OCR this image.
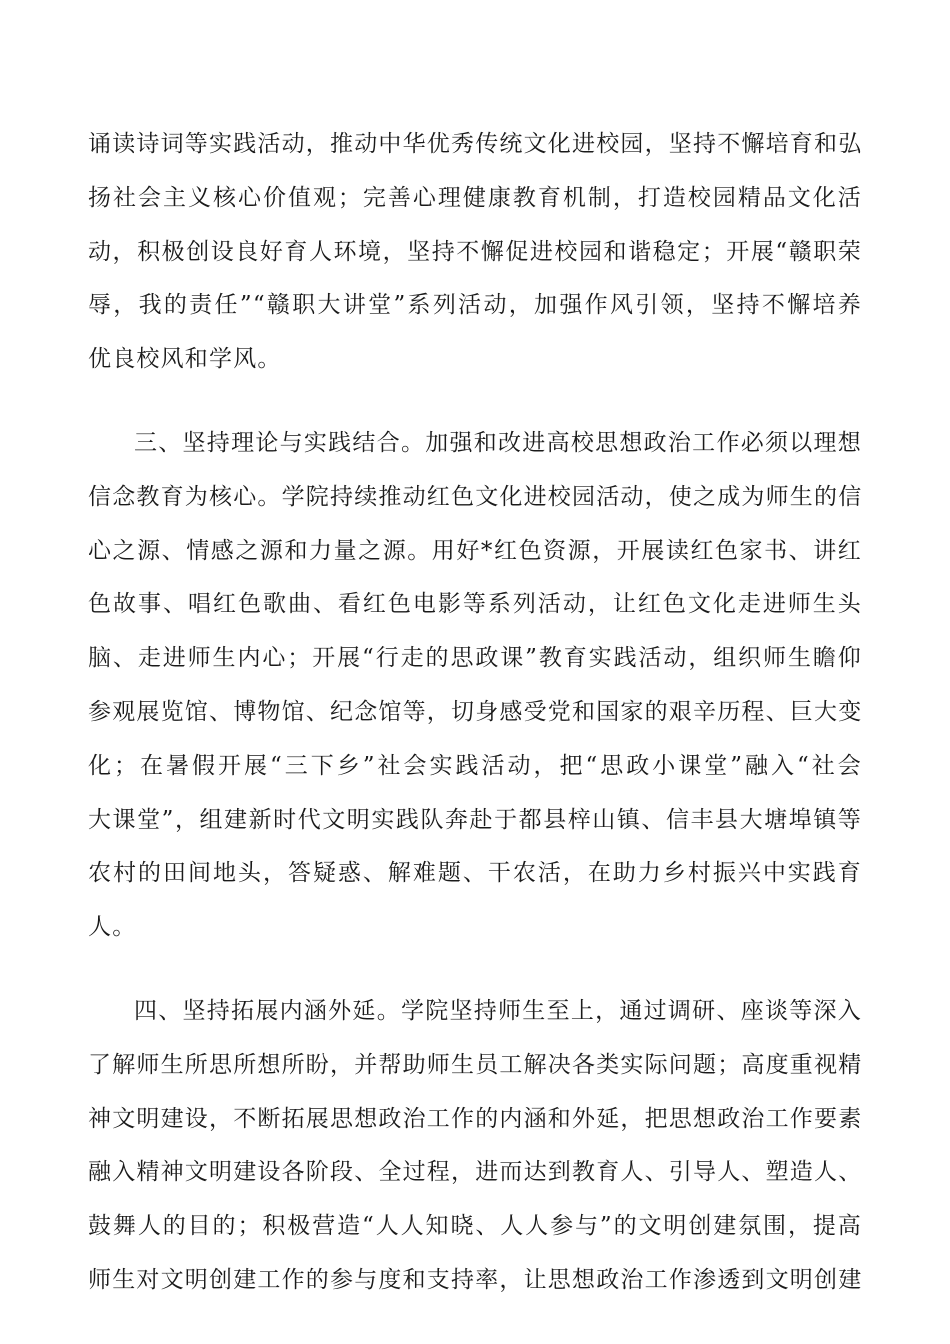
诵读诗词等实践活动，推动中华优秀传统文化进校园，坚持不懈培育和弘
扬社会主义核心价值观；完善心理健康教育机制，打造校园精品文化活
动，积极创设良好育人环境，坚持不懈促进校园和谐稳定；开展“赣职荣
辱，我的责任”“赣职大讲堂”系列活动，加强作风引领，坚持不懈培养
优良校风和学风。

三、坚持理论与实践结合。加强和改进高校思想政治工作必须以理想
信念教育为核心。学院持续推动红色文化进校园活动，使之成为师生的信
心之源、情感之源和力量之源。用好*红色资源，开展读红色家书、讲红
色故事、唱红色歌曲、看红色电影等系列活动，让红色文化走进师生头
脑、走进师生内心；开展“行走的思政课”教育实践活动，组织师生瞻仰
参观展览馆、博物馆、纪念馆等，切身感受党和国家的艰辛历程、巨大变
化；在暑假开展“三下乡”社会实践活动，把“思政小课堂”融入“社会
大课堂”，组建新时代文明实践队奔赴于都县梓山镇、信丰县大塘埠镇等
农村的田间地头，答疑惑、解难题、干农活，在助力乡村振兴中实践育
人。

四、坚持拓展内涵外延。学院坚持师生至上，通过调研、座谈等深入
了解师生所思所想所盼，并帮助师生员工解决各类实际问题；高度重视精
神文明建设，不断拓展思想政治工作的内涵和外延，把思想政治工作要素
融入精神文明建设各阶段、全过程，进而达到教育人、引导人、塑造人、
鼓舞人的目的；积极营造“人人知晓、人人参与”的文明创建氛围，提高
师生对文明创建工作的参与度和支持率，让思想政治工作渗透到文明创建
